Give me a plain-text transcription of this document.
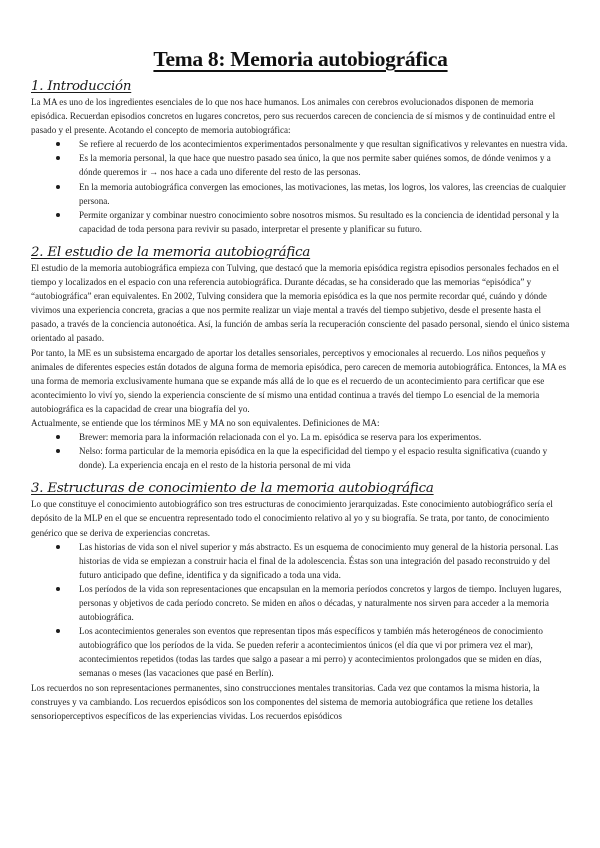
Tema 8: Memoria autobiográfica
1. Introducción

La MA es uno de los ingredientes esenciales de lo que nos hace humanos. Los animales con cerebros evolucionados disponen de memoria episódica. Recuerdan episodios concretos en lugares concretos, pero sus recuerdos carecen de conciencia de sí mismos y de continuidad entre el pasado y el presente. Acotando el concepto de memoria autobiográfica:

Se refiere al recuerdo de los acontecimientos experimentados personalmente y que resultan significativos y relevantes en nuestra vida.
Es la memoria personal, la que hace que nuestro pasado sea único, la que nos permite saber quiénes somos, de dónde venimos y a dónde queremos ir → nos hace a cada uno diferente del resto de las personas.
En la memoria autobiográfica convergen las emociones, las motivaciones, las metas, los logros, los valores, las creencias de cualquier persona.
Permite organizar y combinar nuestro conocimiento sobre nosotros mismos. Su resultado es la conciencia de identidad personal y la capacidad de toda persona para revivir su pasado, interpretar el presente y planificar su futuro.
2. El estudio de la memoria autobiográfica

El estudio de la memoria autobiográfica empieza con Tulving, que destacó que la memoria episódica registra episodios personales fechados en el tiempo y localizados en el espacio con una referencia autobiográfica. Durante décadas, se ha considerado que las memorias “episódica” y “autobiográfica” eran equivalentes. En 2002, Tulving considera que la memoria episódica es la que nos permite recordar qué, cuándo y dónde vivimos una experiencia concreta, gracias a que nos permite realizar un viaje mental a través del tiempo subjetivo, desde el presente hasta el pasado, a través de la conciencia autonoética. Así, la función de ambas sería la recuperación consciente del pasado personal, siendo el único sistema orientado al pasado.

Por tanto, la ME es un subsistema encargado de aportar los detalles sensoriales, perceptivos y emocionales al recuerdo. Los niños pequeños y animales de diferentes especies están dotados de alguna forma de memoria episódica, pero carecen de memoria autobiográfica. Entonces, la MA es una forma de memoria exclusivamente humana que se expande más allá de lo que es el recuerdo de un acontecimiento para certificar que ese acontecimiento lo viví yo, siendo la experiencia consciente de sí mismo una entidad continua a través del tiempo Lo esencial de la memoria autobiográfica es la capacidad de crear una biografía del yo.

Actualmente, se entiende que los términos ME y MA no son equivalentes. Definiciones de MA:

Brewer: memoria para la información relacionada con el yo. La m. episódica se reserva para los experimentos.
Nelso: forma particular de la memoria episódica en la que la especificidad del tiempo y el espacio resulta significativa (cuando y donde). La experiencia encaja en el resto de la historia personal de mi vida
3. Estructuras de conocimiento de la memoria autobiográfica

Lo que constituye el conocimiento autobiográfico son tres estructuras de conocimiento jerarquizadas. Este conocimiento autobiográfico sería el depósito de la MLP en el que se encuentra representado todo el conocimiento relativo al yo y su biografía. Se trata, por tanto, de conocimiento genérico que se deriva de experiencias concretas.

Las historias de vida son el nivel superior y más abstracto. Es un esquema de conocimiento muy general de la historia personal. Las historias de vida se empiezan a construir hacia el final de la adolescencia. Éstas son una integración del pasado reconstruido y del futuro anticipado que define, identifica y da significado a toda una vida.
Los períodos de la vida son representaciones que encapsulan en la memoria períodos concretos y largos de tiempo. Incluyen lugares, personas y objetivos de cada período concreto. Se miden en años o décadas, y naturalmente nos sirven para acceder a la memoria autobiográfica.
Los acontecimientos generales son eventos que representan tipos más específicos y también más heterogéneos de conocimiento autobiográfico que los períodos de la vida. Se pueden referir a acontecimientos únicos (el día que vi por primera vez el mar), acontecimientos repetidos (todas las tardes que salgo a pasear a mi perro) y acontecimientos prolongados que se miden en días, semanas o meses (las vacaciones que pasé en Berlín).

Los recuerdos no son representaciones permanentes, sino construcciones mentales transitorias. Cada vez que contamos la misma historia, la construyes y va cambiando. Los recuerdos episódicos son los componentes del sistema de memoria autobiográfica que retiene los detalles sensorioperceptivos específicos de las experiencias vividas. Los recuerdos episódicos
